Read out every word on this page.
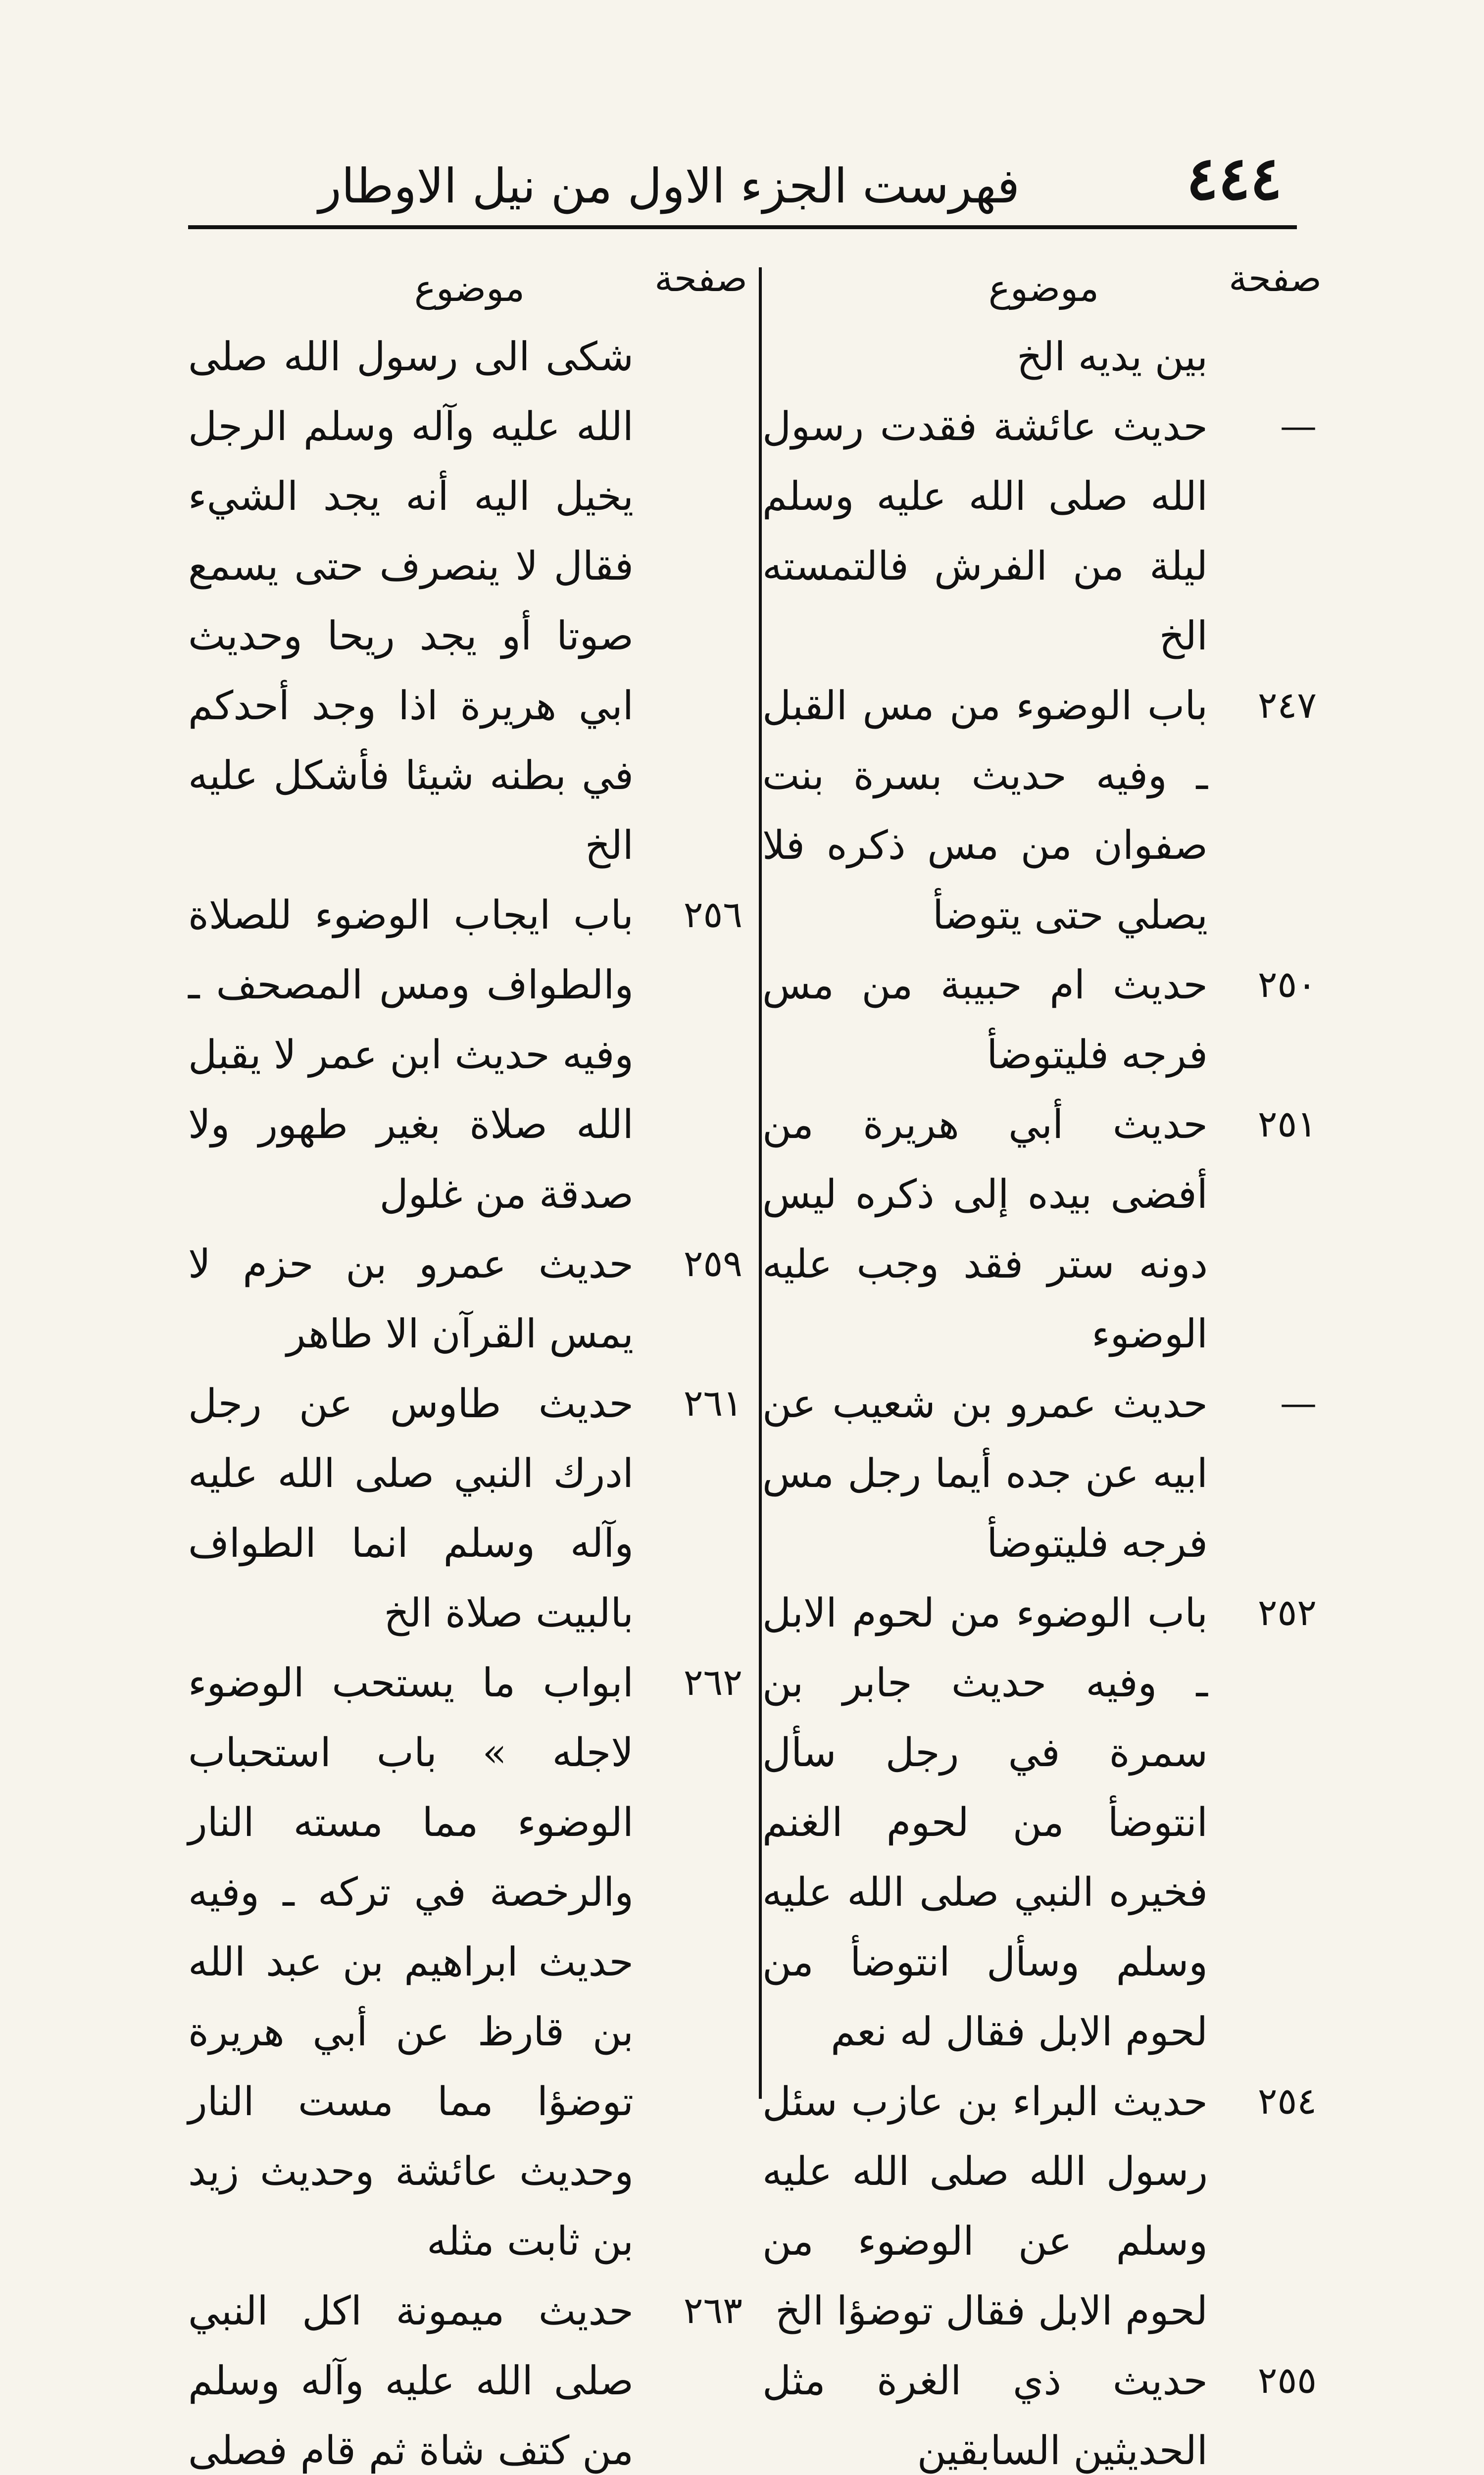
٤٤٤
فهرست الجزء الاول من نيل الاوطار
صفحة
موضوع
بين يديه الخ
—
حديث عائشة فقدت رسول الله صلى الله عليه وسلم ليلة من الفرش فالتمسته الخ
٢٤٧
باب الوضوء من مس القبل ـ وفيه حديث بسرة بنت صفوان من مس ذكره فلا يصلي حتى يتوضأ
٢٥٠
حديث ام حبيبة من مس فرجه فليتوضأ
٢٥١
حديث أبي هريرة من أفضى بيده إلى ذكره ليس دونه ستر فقد وجب عليه الوضوء
—
حديث عمرو بن شعيب عن ابيه عن جده أيما رجل مس فرجه فليتوضأ
٢٥٢
باب الوضوء من لحوم الابل ـ وفيه حديث جابر بن سمرة في رجل سأل انتوضأ من لحوم الغنم فخيره النبي صلى الله عليه وسلم وسأل انتوضأ من لحوم الابل فقال له نعم
٢٥٤
حديث البراء بن عازب سئل رسول الله صلى الله عليه وسلم عن الوضوء من لحوم الابل فقال توضؤا الخ
٢٥٥
حديث ذي الغرة مثل الحديثين السابقين
صفحة
موضوع
شكى الى رسول الله صلى الله عليه وآله وسلم الرجل يخيل اليه أنه يجد الشيء فقال لا ينصرف حتى يسمع صوتا أو يجد ريحا وحديث ابي هريرة اذا وجد أحدكم في بطنه شيئا فأشكل عليه الخ
٢٥٦
باب ايجاب الوضوء للصلاة والطواف ومس المصحف ـ وفيه حديث ابن عمر لا يقبل الله صلاة بغير طهور ولا صدقة من غلول
٢٥٩
حديث عمرو بن حزم لا يمس القرآن الا طاهر
٢٦١
حديث طاوس عن رجل ادرك النبي صلى الله عليه وآله وسلم انما الطواف بالبيت صلاة الخ
٢٦٢
ابواب ما يستحب الوضوء لاجله » باب استحباب الوضوء مما مسته النار والرخصة في تركه ـ وفيه حديث ابراهيم بن عبد الله بن قارظ عن أبي هريرة توضؤا مما مست النار وحديث عائشة وحديث زيد بن ثابت مثله
٢٦٣
حديث ميمونة اكل النبي صلى الله عليه وآله وسلم من كتف شاة ثم قام فصلى
